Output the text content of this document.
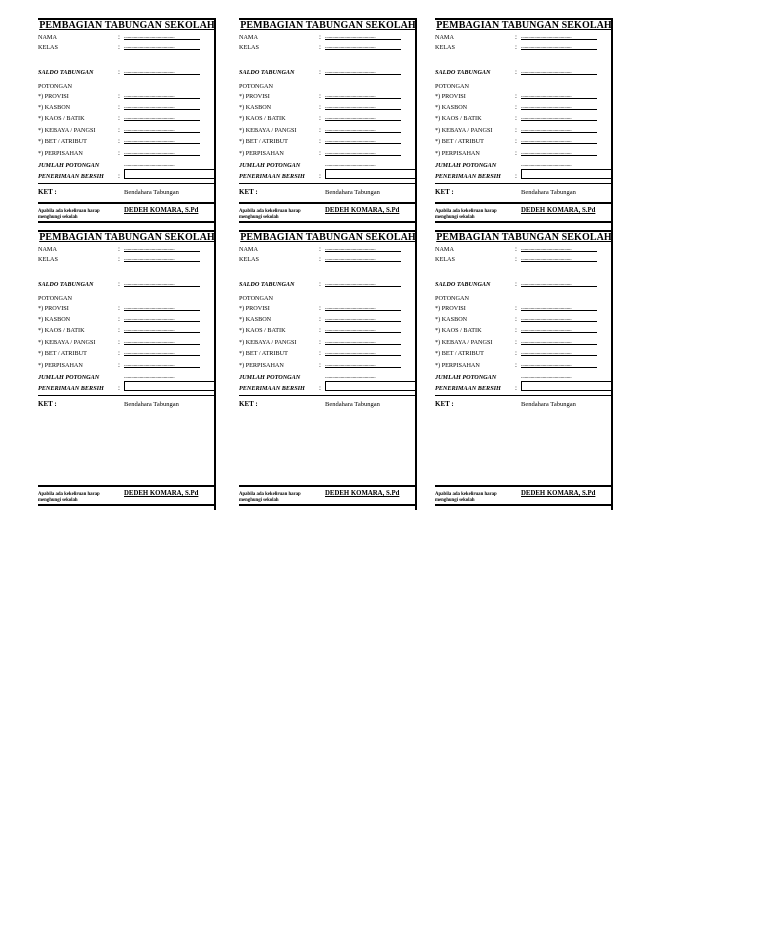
PEMBAGIAN TABUNGAN SEKOLAH
NAMA	: ..........................................
KELAS	: ..........................................
SALDO TABUNGAN	: ..........................................
POTONGAN
*) PROVISI	: ..........................................
*) KASBON	: ..........................................
*) KAOS / BATIK	: ..........................................
*) KEBAYA / PANGSI	: ..........................................
*) BET / ATRIBUT	: ..........................................
*) PERPISAHAN	: ..........................................
JUMLAH POTONGAN	..........................................
PENERIMAAN BERSIH :
KET :	Bendahara Tabungan
Apabila ada kekeliruan harap menghungi sekolah
DEDEH KOMARA, S.Pd
PEMBAGIAN TABUNGAN SEKOLAH
NAMA	: ..........................................
KELAS	: ..........................................
SALDO TABUNGAN	: ..........................................
POTONGAN
*) PROVISI	: ..........................................
*) KASBON	: ..........................................
*) KAOS / BATIK	: ..........................................
*) KEBAYA / PANGSI	: ..........................................
*) BET / ATRIBUT	: ..........................................
*) PERPISAHAN	: ..........................................
JUMLAH POTONGAN	..........................................
PENERIMAAN BERSIH :
KET :	Bendahara Tabungan
Apabila ada kekeliruan harap menghungi sekolah
DEDEH KOMARA, S.Pd
PEMBAGIAN TABUNGAN SEKOLAH
NAMA	: ..........................................
KELAS	: ..........................................
SALDO TABUNGAN	: ..........................................
POTONGAN
*) PROVISI	: ..........................................
*) KASBON	: ..........................................
*) KAOS / BATIK	: ..........................................
*) KEBAYA / PANGSI	: ..........................................
*) BET / ATRIBUT	: ..........................................
*) PERPISAHAN	: ..........................................
JUMLAH POTONGAN	..........................................
PENERIMAAN BERSIH :
KET :	Bendahara Tabungan
Apabila ada kekeliruan harap menghungi sekolah
DEDEH KOMARA, S.Pd
PEMBAGIAN TABUNGAN SEKOLAH
NAMA	: ..........................................
KELAS	: ..........................................
SALDO TABUNGAN	: ..........................................
POTONGAN
*) PROVISI	: ..........................................
*) KASBON	: ..........................................
*) KAOS / BATIK	: ..........................................
*) KEBAYA / PANGSI	: ..........................................
*) BET / ATRIBUT	: ..........................................
*) PERPISAHAN	: ..........................................
JUMLAH POTONGAN	..........................................
PENERIMAAN BERSIH :
KET :	Bendahara Tabungan
Apabila ada kekeliruan harap menghungi sekolah
DEDEH KOMARA, S.Pd
PEMBAGIAN TABUNGAN SEKOLAH
NAMA	: ..........................................
KELAS	: ..........................................
SALDO TABUNGAN	: ..........................................
POTONGAN
*) PROVISI	: ..........................................
*) KASBON	: ..........................................
*) KAOS / BATIK	: ..........................................
*) KEBAYA / PANGSI	: ..........................................
*) BET / ATRIBUT	: ..........................................
*) PERPISAHAN	: ..........................................
JUMLAH POTONGAN	..........................................
PENERIMAAN BERSIH :
KET :	Bendahara Tabungan
Apabila ada kekeliruan harap menghungi sekolah
DEDEH KOMARA, S.Pd
PEMBAGIAN TABUNGAN SEKOLAH
NAMA	: ..........................................
KELAS	: ..........................................
SALDO TABUNGAN	: ..........................................
POTONGAN
*) PROVISI	: ..........................................
*) KASBON	: ..........................................
*) KAOS / BATIK	: ..........................................
*) KEBAYA / PANGSI	: ..........................................
*) BET / ATRIBUT	: ..........................................
*) PERPISAHAN	: ..........................................
JUMLAH POTONGAN	..........................................
PENERIMAAN BERSIH :
KET :	Bendahara Tabungan
Apabila ada kekeliruan harap menghungi sekolah
DEDEH KOMARA, S.Pd
